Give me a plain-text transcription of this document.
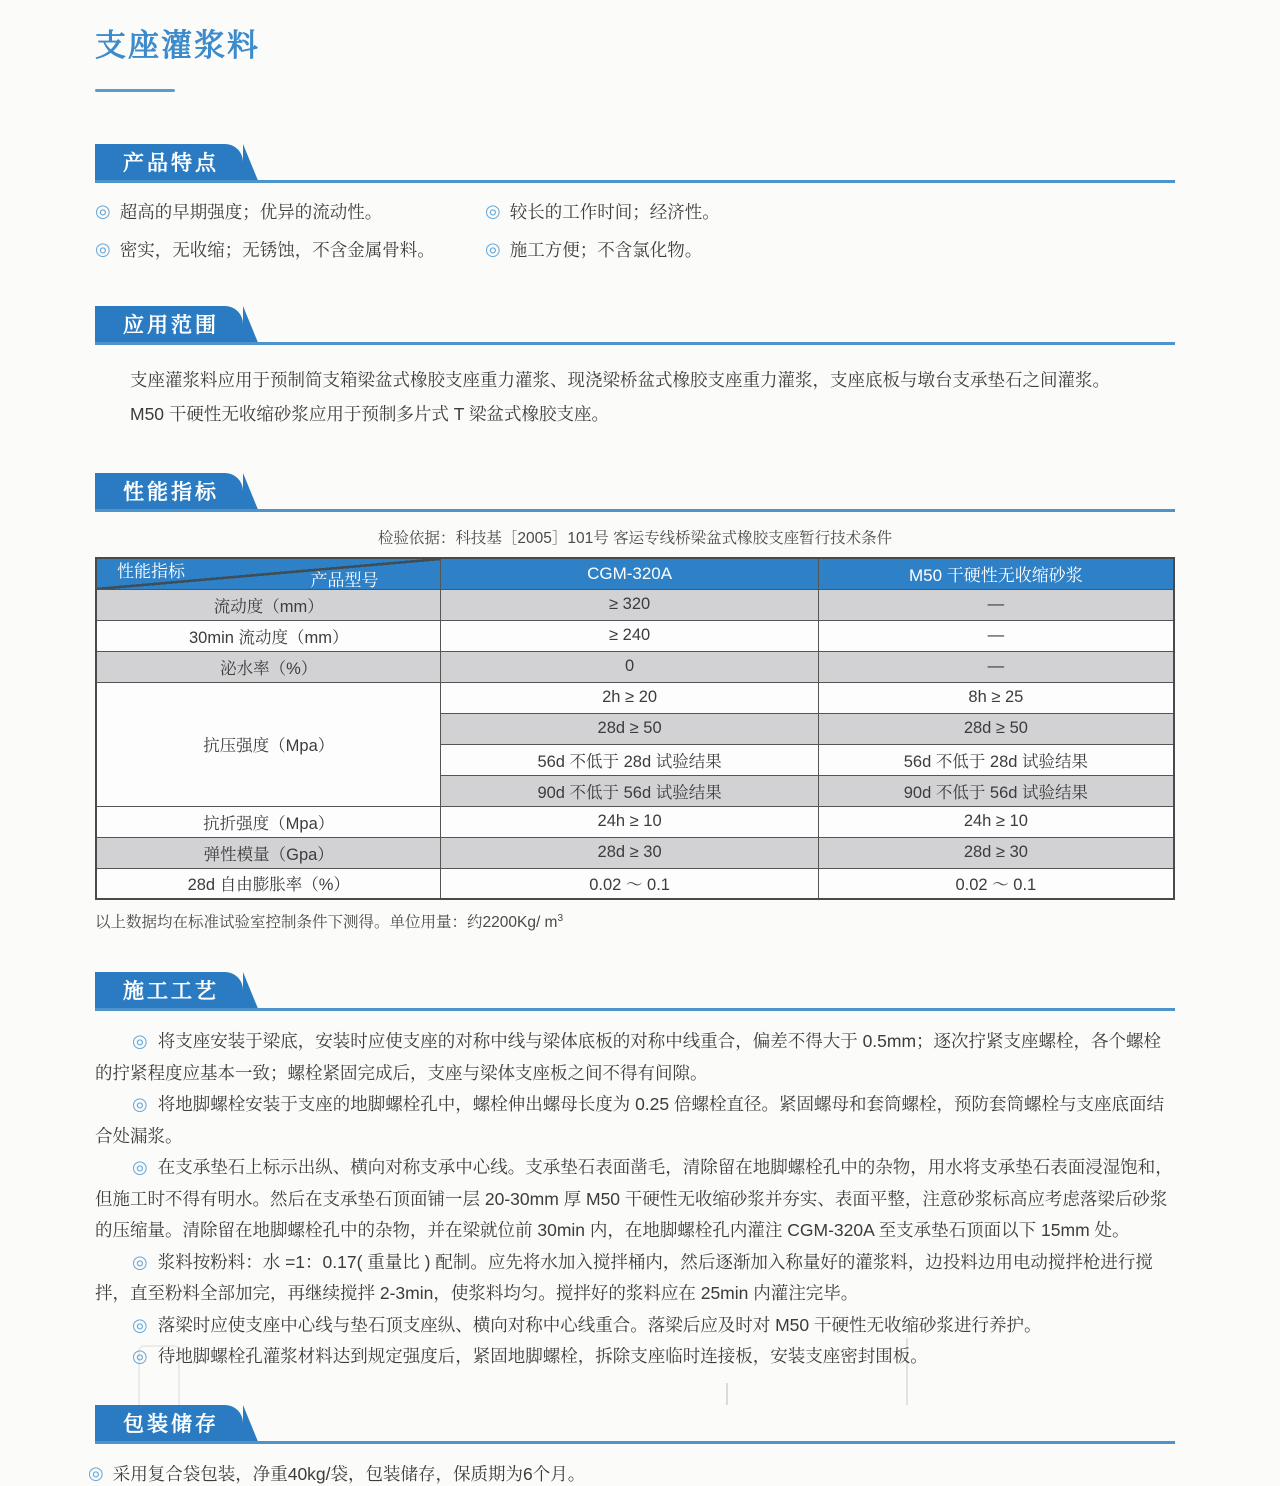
支座灌浆料
产品特点
◎ 超高的早期强度；优异的流动性。	◎ 较长的工作时间；经济性。
◎ 密实，无收缩；无锈蚀，不含金属骨料。	◎ 施工方便；不含氯化物。
应用范围

支座灌浆料应用于预制简支箱梁盆式橡胶支座重力灌浆、现浇梁桥盆式橡胶支座重力灌浆，支座底板与墩台支承垫石之间灌浆。

M50 干硬性无收缩砂浆应用于预制多片式 T 梁盆式橡胶支座。

性能指标
检验依据：科技基［2005］101号 客运专线桥梁盆式橡胶支座暂行技术条件
产品型号
性能指标	CGM-320A	M50 干硬性无收缩砂浆
流动度（mm）	≥ 320	—
30min 流动度（mm）	≥ 240	—
泌水率（%）	0	—
抗压强度（Mpa）	2h ≥ 20	8h ≥ 25
	28d ≥ 50	28d ≥ 50
	56d 不低于 28d 试验结果	56d 不低于 28d 试验结果
	90d 不低于 56d 试验结果	90d 不低于 56d 试验结果
抗折强度（Mpa）	24h ≥ 10	24h ≥ 10
弹性模量（Gpa）	28d ≥ 30	28d ≥ 30
28d 自由膨胀率（%）	0.02 ～ 0.1	0.02 ～ 0.1
以上数据均在标准试验室控制条件下测得。单位用量：约2200Kg/ $m^3$
施工工艺

◎ 将支座安装于梁底，安装时应使支座的对称中线与梁体底板的对称中线重合，偏差不得大于 0.5mm；逐次拧紧支座螺栓，各个螺栓的拧紧程度应基本一致；螺栓紧固完成后，支座与梁体支座板之间不得有间隙。

◎ 将地脚螺栓安装于支座的地脚螺栓孔中，螺栓伸出螺母长度为 0.25 倍螺栓直径。紧固螺母和套筒螺栓，预防套筒螺栓与支座底面结合处漏浆。

◎ 在支承垫石上标示出纵、横向对称支承中心线。支承垫石表面凿毛，清除留在地脚螺栓孔中的杂物，用水将支承垫石表面浸湿饱和，但施工时不得有明水。然后在支承垫石顶面铺一层 20-30mm 厚 M50 干硬性无收缩砂浆并夯实、表面平整，注意砂浆标高应考虑落梁后砂浆的压缩量。清除留在地脚螺栓孔中的杂物，并在梁就位前 30min 内，在地脚螺栓孔内灌注 CGM-320A 至支承垫石顶面以下 15mm 处。

◎ 浆料按粉料：水 =1：0.17( 重量比 ) 配制。应先将水加入搅拌桶内，然后逐渐加入称量好的灌浆料，边投料边用电动搅拌枪进行搅拌，直至粉料全部加完，再继续搅拌 2-3min，使浆料均匀。搅拌好的浆料应在 25min 内灌注完毕。

◎ 落梁时应使支座中心线与垫石顶支座纵、横向对称中心线重合。落梁后应及时对 M50 干硬性无收缩砂浆进行养护。

◎ 待地脚螺栓孔灌浆材料达到规定强度后，紧固地脚螺栓，拆除支座临时连接板，安装支座密封围板。

包装储存
◎ 采用复合袋包装，净重40kg/袋，包装储存，保质期为6个月。
